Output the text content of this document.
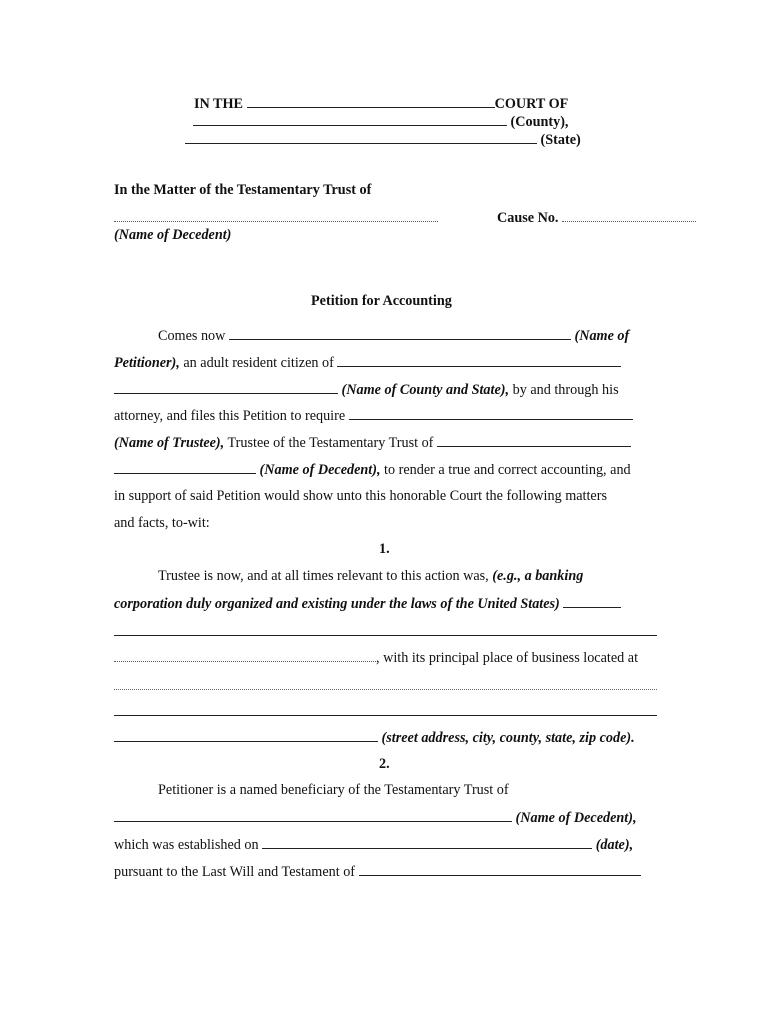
IN THE	COURT OF
(County),
(State)
In the Matter of the Testamentary Trust of
Cause No.
(Name of Decedent)
Petition for Accounting
Comes now	(Name of
Petitioner), an adult resident citizen of
(Name of County and State), by and through his
attorney, and files this Petition to require
(Name of Trustee), Trustee of the Testamentary Trust of
(Name of Decedent), to render a true and correct accounting, and
in support of said Petition would show unto this honorable Court the following matters
and facts, to-wit:
1.
Trustee is now, and at all times relevant to this action was, (e.g., a banking
corporation duly organized and existing under the laws of the United States)
, with its principal place of business located at
(street address, city, county, state, zip code).
2.
Petitioner is a named beneficiary of the Testamentary Trust of
(Name of Decedent),
which was established on	(date),
pursuant to the Last Will and Testament of
